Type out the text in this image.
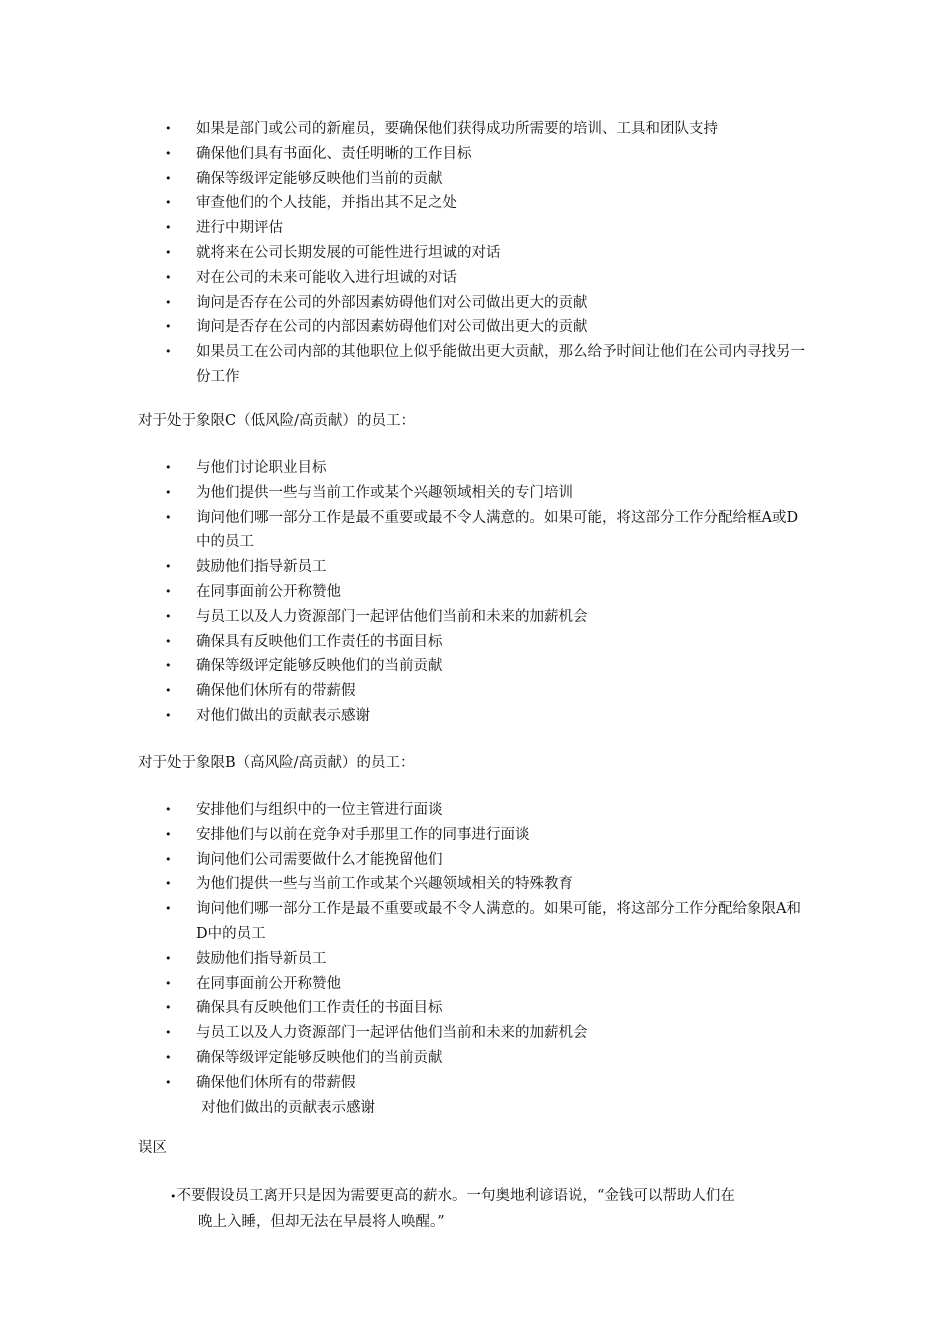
• 如果是部门或公司的新雇员，要确保他们获得成功所需要的培训、工具和团队支持
• 确保他们具有书面化、责任明晰的工作目标
• 确保等级评定能够反映他们当前的贡献
• 审查他们的个人技能，并指出其不足之处
• 进行中期评估
• 就将来在公司长期发展的可能性进行坦诚的对话
• 对在公司的未来可能收入进行坦诚的对话
• 询问是否存在公司的外部因素妨碍他们对公司做出更大的贡献
• 询问是否存在公司的内部因素妨碍他们对公司做出更大的贡献
• 如果员工在公司内部的其他职位上似乎能做出更大贡献，那么给予时间让他们在公司内寻找另一份工作
对于处于象限C（低风险/高贡献）的员工：
• 与他们讨论职业目标
• 为他们提供一些与当前工作或某个兴趣领域相关的专门培训
• 询问他们哪一部分工作是最不重要或最不令人满意的。如果可能，将这部分工作分配给框A或D中的员工
• 鼓励他们指导新员工
• 在同事面前公开称赞他
• 与员工以及人力资源部门一起评估他们当前和未来的加薪机会
• 确保具有反映他们工作责任的书面目标
• 确保等级评定能够反映他们的当前贡献
• 确保他们休所有的带薪假
• 对他们做出的贡献表示感谢
对于处于象限B（高风险/高贡献）的员工：
• 安排他们与组织中的一位主管进行面谈
• 安排他们与以前在竞争对手那里工作的同事进行面谈
• 询问他们公司需要做什么才能挽留他们
• 为他们提供一些与当前工作或某个兴趣领域相关的特殊教育
• 询问他们哪一部分工作是最不重要或最不令人满意的。如果可能，将这部分工作分配给象限A和D中的员工
• 鼓励他们指导新员工
• 在同事面前公开称赞他
• 确保具有反映他们工作责任的书面目标
• 与员工以及人力资源部门一起评估他们当前和未来的加薪机会
• 确保等级评定能够反映他们的当前贡献
• 确保他们休所有的带薪假
对他们做出的贡献表示感谢
误区
•不要假设员工离开只是因为需要更高的薪水。一句奥地利谚语说，“金钱可以帮助人们在
晚上入睡，但却无法在早晨将人唤醒。”
